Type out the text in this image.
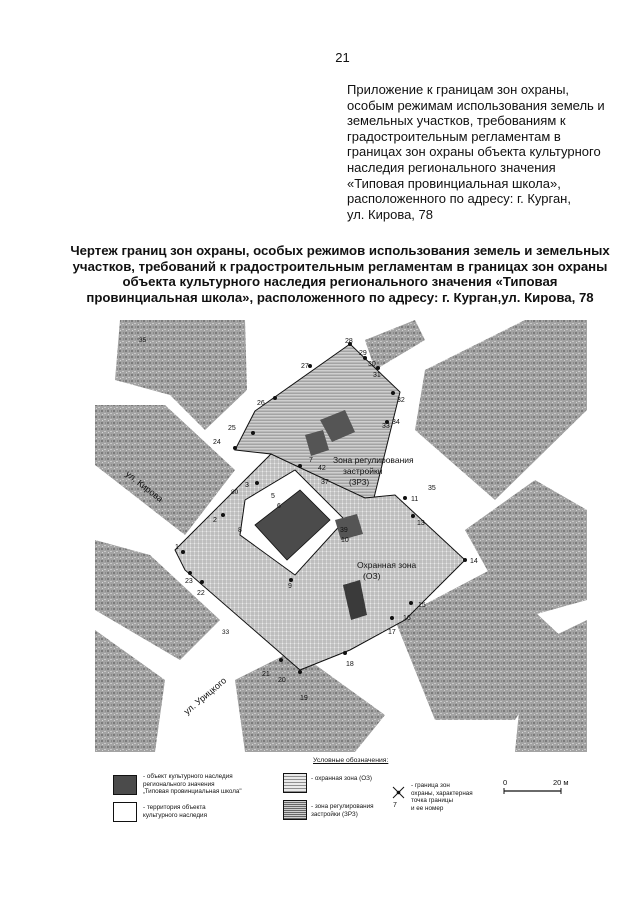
21
Приложение к границам зон охраны,
особым режимам использования земель и
земельных участков, требованиям к
градостроительным регламентам в
границах зон охраны объекта культурного
наследия регионального значения
«Типовая провинциальная школа»,
расположенного по адресу: г. Курган,
ул. Кирова, 78
Чертеж границ зон охраны, особых режимов использования земель и земельных
участков, требований к градостроительным регламентам в границах зон охраны
объекта культурного наследия регионального значения «Типовая
провинциальная школа», расположенного по адресу: г. Курган,ул. Кирова, 78
1
2
3
5
6
7
8
9
10
11
13
14
15
16
17
18
19
20
21
22
23
24
25
26
27
28
29
30
31
32
33
34
35
37
42
39
Зона регулирования
застройки
(ЗРЗ)
Охранная зона
(ОЗ)
ул. Кирова
ул. Урицкого
35
33
80
Условные обозначения:
- объект культурного наследия
регионального значения
„Типовая провинциальная школа"
- территория объекта
культурного наследия
- охранная зона (ОЗ)
- зона регулирования
застройки (ЗРЗ)
7
- граница зон
охраны, характерная
точка границы
и ее номер
0	20 м
